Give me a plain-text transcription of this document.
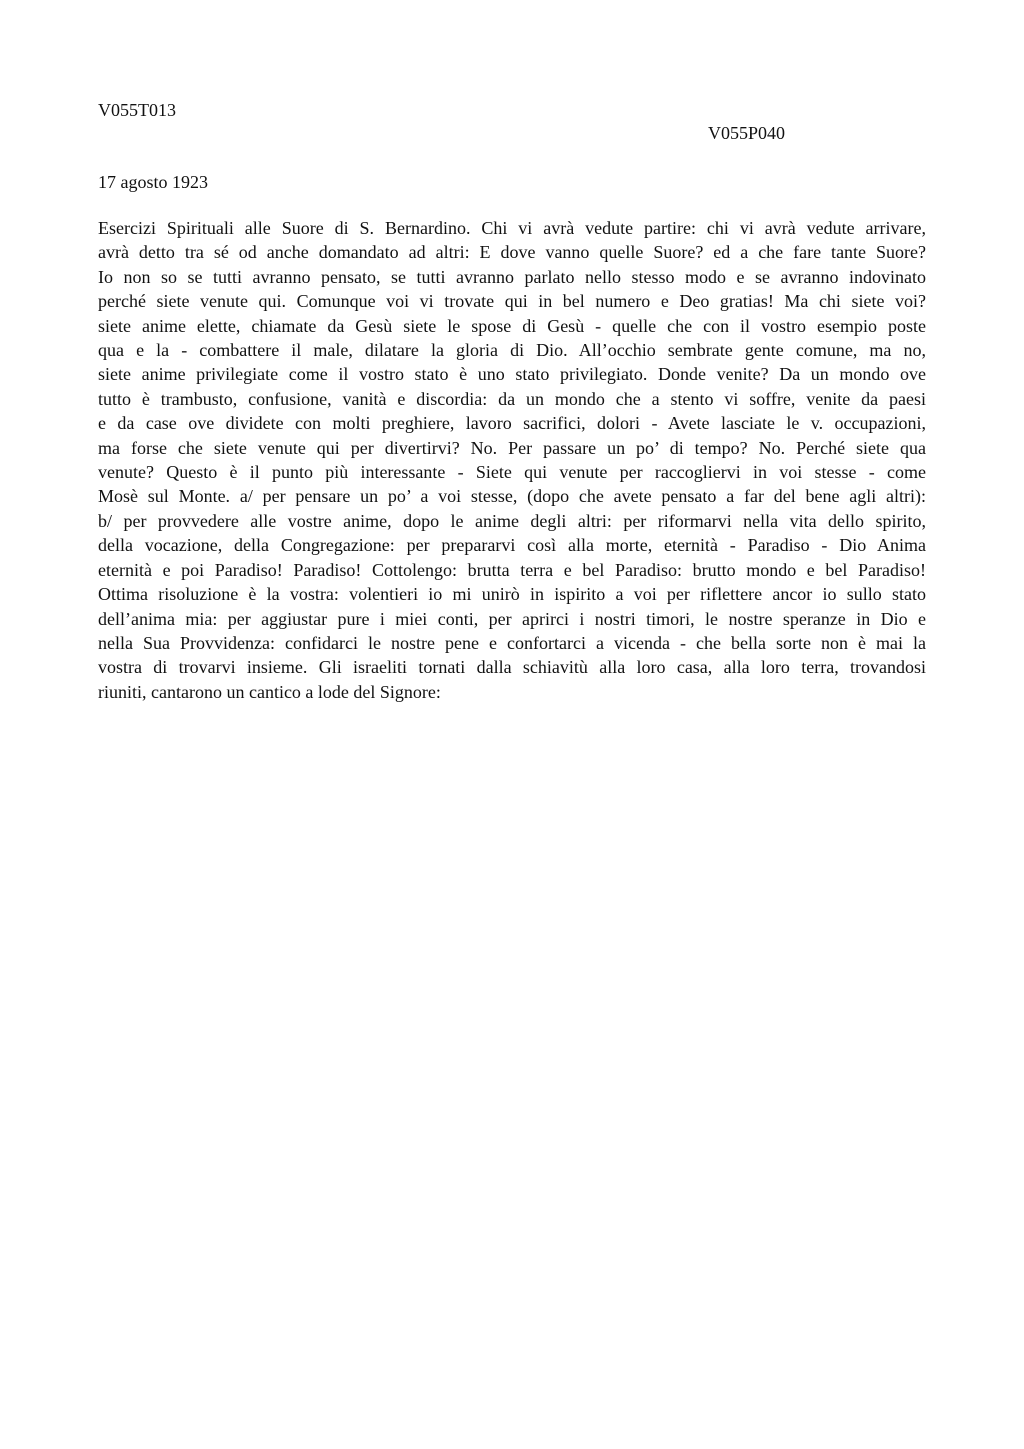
V055T013
V055P040
17 agosto 1923
Esercizi Spirituali alle Suore di S. Bernardino. Chi vi avrà vedute partire: chi vi avrà vedute arrivare,
avrà detto tra sé od anche domandato ad altri: E dove vanno quelle Suore? ed a che fare tante Suore?
Io non so se tutti avranno pensato, se tutti avranno parlato nello stesso modo e se avranno indovinato
perché siete venute qui. Comunque voi vi trovate qui in bel numero e Deo gratias! Ma chi siete voi?
siete anime elette, chiamate da Gesù siete le spose di Gesù - quelle che con il vostro esempio poste
qua e la - combattere il male, dilatare la gloria di Dio. All’occhio sembrate gente comune, ma no,
siete anime privilegiate come il vostro stato è uno stato privilegiato. Donde venite? Da un mondo ove
tutto è trambusto, confusione, vanità e discordia: da un mondo che a stento vi soffre, venite da paesi
e da case ove dividete con molti preghiere, lavoro sacrifici, dolori - Avete lasciate le v. occupazioni,
ma forse che siete venute qui per divertirvi? No. Per passare un po’ di tempo? No. Perché siete qua
venute? Questo è il punto più interessante - Siete qui venute per raccogliervi in voi stesse - come
Mosè sul Monte. a/ per pensare un po’ a voi stesse, (dopo che avete pensato a far del bene agli altri):
b/ per provvedere alle vostre anime, dopo le anime degli altri: per riformarvi nella vita dello spirito,
della vocazione, della Congregazione: per prepararvi così alla morte, eternità - Paradiso - Dio Anima
eternità e poi Paradiso! Paradiso! Cottolengo: brutta terra e bel Paradiso: brutto mondo e bel Paradiso!
Ottima risoluzione è la vostra: volentieri io mi unirò in ispirito a voi per riflettere ancor io sullo stato
dell’anima mia: per aggiustar pure i miei conti, per aprirci i nostri timori, le nostre speranze in Dio e
nella Sua Provvidenza: confidarci le nostre pene e confortarci a vicenda - che bella sorte non è mai la
vostra di trovarvi insieme. Gli israeliti tornati dalla schiavitù alla loro casa, alla loro terra, trovandosi
riuniti, cantarono un cantico a lode del Signore:
